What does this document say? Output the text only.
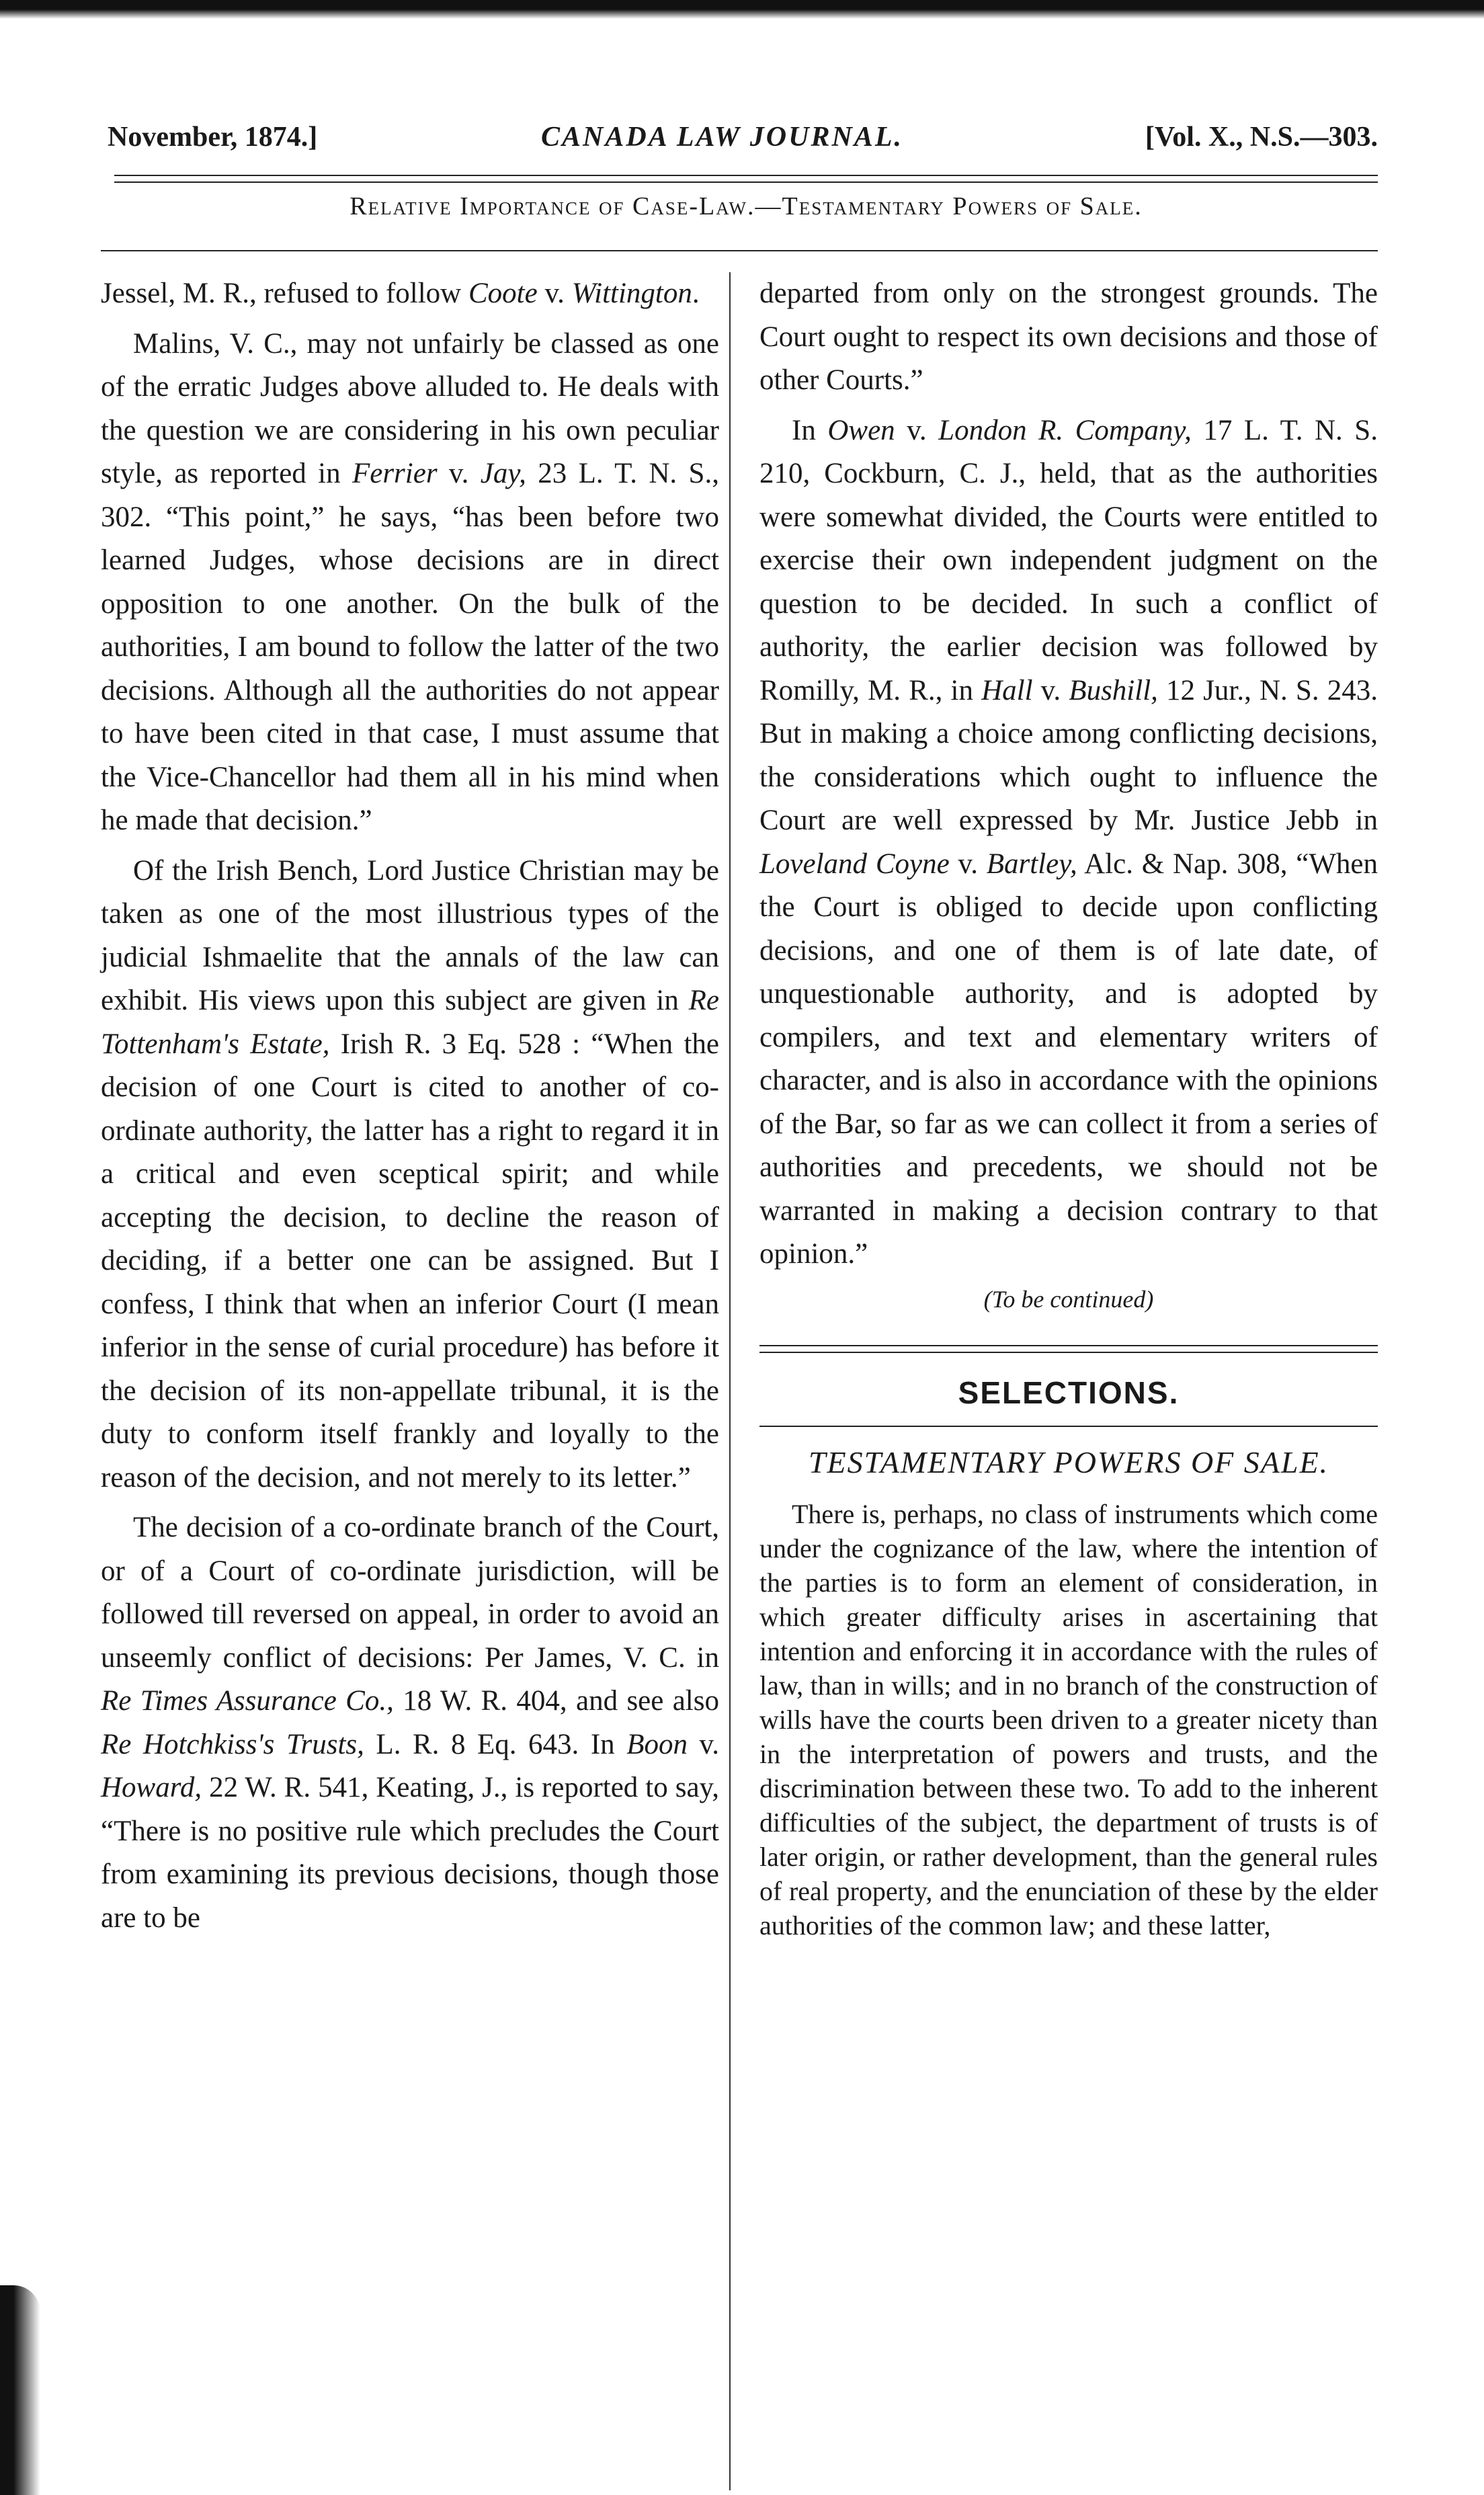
November, 1874.]	CANADA LAW JOURNAL.	[Vol. X., N.S.—303.
Relative Importance of Case-Law.—Testamentary Powers of Sale.

Jessel, M. R., refused to follow Coote v. Wittington.

Malins, V. C., may not unfairly be classed as one of the erratic Judges above alluded to. He deals with the question we are considering in his own peculiar style, as reported in Ferrier v. Jay, 23 L. T. N. S., 302. “This point,” he says, “has been before two learned Judges, whose decisions are in direct opposition to one another. On the bulk of the authorities, I am bound to follow the latter of the two decisions. Although all the authorities do not appear to have been cited in that case, I must assume that the Vice-Chancellor had them all in his mind when he made that decision.”

Of the Irish Bench, Lord Justice Christian may be taken as one of the most illustrious types of the judicial Ishmaelite that the annals of the law can exhibit. His views upon this subject are given in Re Tottenham's Estate, Irish R. 3 Eq. 528 : “When the decision of one Court is cited to another of co-ordinate authority, the latter has a right to regard it in a critical and even sceptical spirit; and while accepting the decision, to decline the reason of deciding, if a better one can be assigned. But I confess, I think that when an inferior Court (I mean inferior in the sense of curial procedure) has before it the decision of its non-appellate tribunal, it is the duty to conform itself frankly and loyally to the reason of the decision, and not merely to its letter.”

The decision of a co-ordinate branch of the Court, or of a Court of co-ordinate jurisdiction, will be followed till reversed on appeal, in order to avoid an unseemly conflict of decisions: Per James, V. C. in Re Times Assurance Co., 18 W. R. 404, and see also Re Hotchkiss's Trusts, L. R. 8 Eq. 643. In Boon v. Howard, 22 W. R. 541, Keating, J., is reported to say, “There is no positive rule which precludes the Court from examining its previous decisions, though those are to be

departed from only on the strongest grounds. The Court ought to respect its own decisions and those of other Courts.”

In Owen v. London R. Company, 17 L. T. N. S. 210, Cockburn, C. J., held, that as the authorities were somewhat divided, the Courts were entitled to exercise their own independent judgment on the question to be decided. In such a conflict of authority, the earlier decision was followed by Romilly, M. R., in Hall v. Bushill, 12 Jur., N. S. 243. But in making a choice among conflicting decisions, the considerations which ought to influence the Court are well expressed by Mr. Justice Jebb in Loveland Coyne v. Bartley, Alc. & Nap. 308, “When the Court is obliged to decide upon conflicting decisions, and one of them is of late date, of unquestionable authority, and is adopted by compilers, and text and elementary writers of character, and is also in accordance with the opinions of the Bar, so far as we can collect it from a series of authorities and precedents, we should not be warranted in making a decision contrary to that opinion.”

(To be continued)

SELECTIONS.
TESTAMENTARY POWERS OF SALE.

There is, perhaps, no class of instruments which come under the cognizance of the law, where the intention of the parties is to form an element of consideration, in which greater difficulty arises in ascertaining that intention and enforcing it in accordance with the rules of law, than in wills; and in no branch of the construction of wills have the courts been driven to a greater nicety than in the interpretation of powers and trusts, and the discrimination between these two. To add to the inherent difficulties of the subject, the department of trusts is of later origin, or rather development, than the general rules of real property, and the enunciation of these by the elder authorities of the common law; and these latter,
